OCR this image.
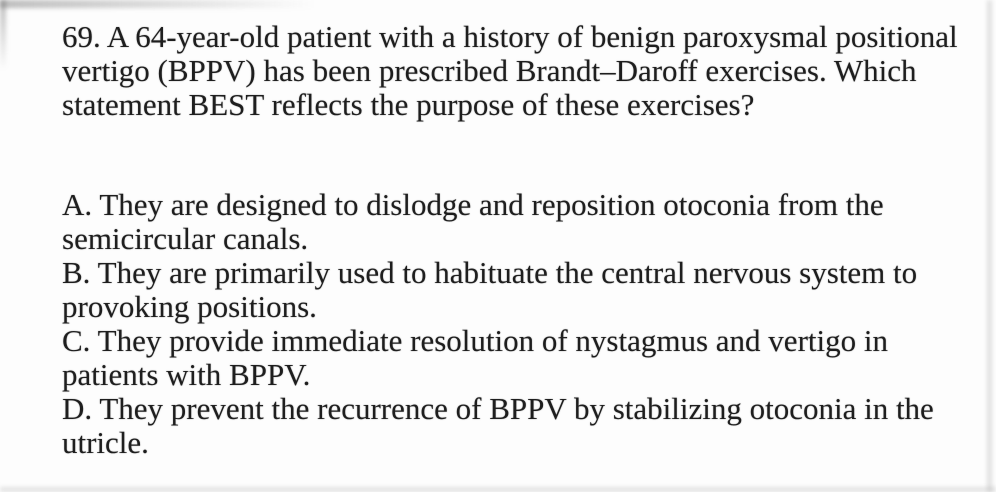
69. A 64-year-old patient with a history of benign paroxysmal positional vertigo (BPPV) has been prescribed Brandt–Daroff exercises. Which statement BEST reflects the purpose of these exercises?

A. They are designed to dislodge and reposition otoconia from the semicircular canals.

B. They are primarily used to habituate the central nervous system to provoking positions.

C. They provide immediate resolution of nystagmus and vertigo in patients with BPPV.

D. They prevent the recurrence of BPPV by stabilizing otoconia in the utricle.
